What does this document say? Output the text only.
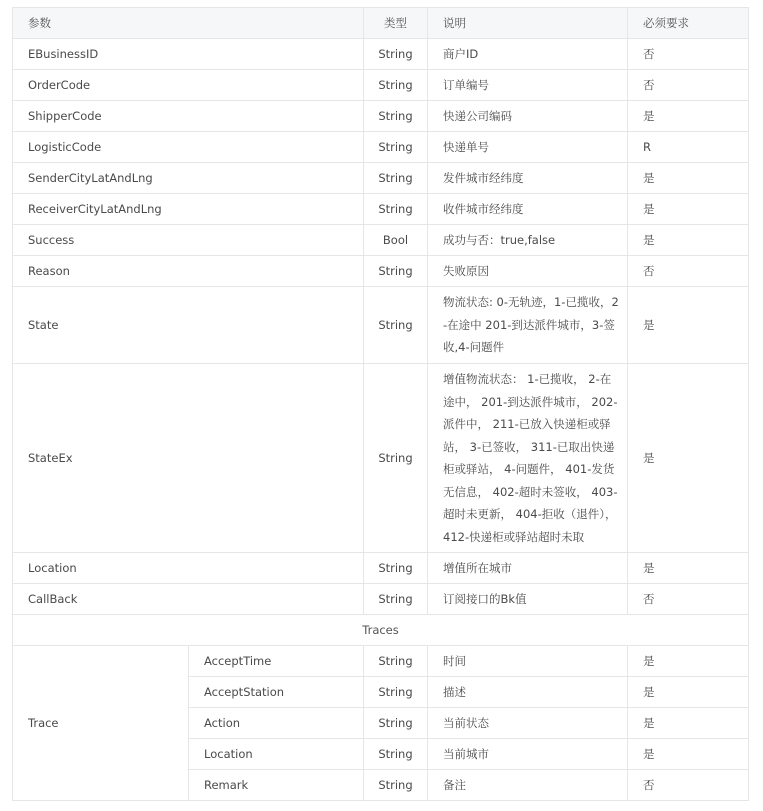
参数		类型	说明	必须要求
EBusinessID		String	商户ID	否
OrderCode		String	订单编号	否
ShipperCode		String	快递公司编码	是
LogisticCode		String	快递单号	R
SenderCityLatAndLng		String	发件城市经纬度	是
ReceiverCityLatAndLng		String	收件城市经纬度	是
Success		Bool	成功与否：true,false	是
Reason		String	失败原因	否
State		String	物流状态: 0-无轨迹，1-已揽收，2-在途中 201-到达派件城市，3-签收,4-问题件	是
StateEx		String	增值物流状态： 1-已揽收， 2-在途中， 201-到达派件城市， 202-派件中， 211-已放入快递柜或驿站， 3-已签收， 311-已取出快递柜或驿站， 4-问题件， 401-发货无信息， 402-超时未签收， 403-超时未更新， 404-拒收（退件）， 412-快递柜或驿站超时未取	是
Location		String	增值所在城市	是
CallBack		String	订阅接口的Bk值	否
Traces				
Trace	AcceptTime	String	时间	是
	AcceptStation	String	描述	是
	Action	String	当前状态	是
	Location	String	当前城市	是
	Remark	String	备注	否
